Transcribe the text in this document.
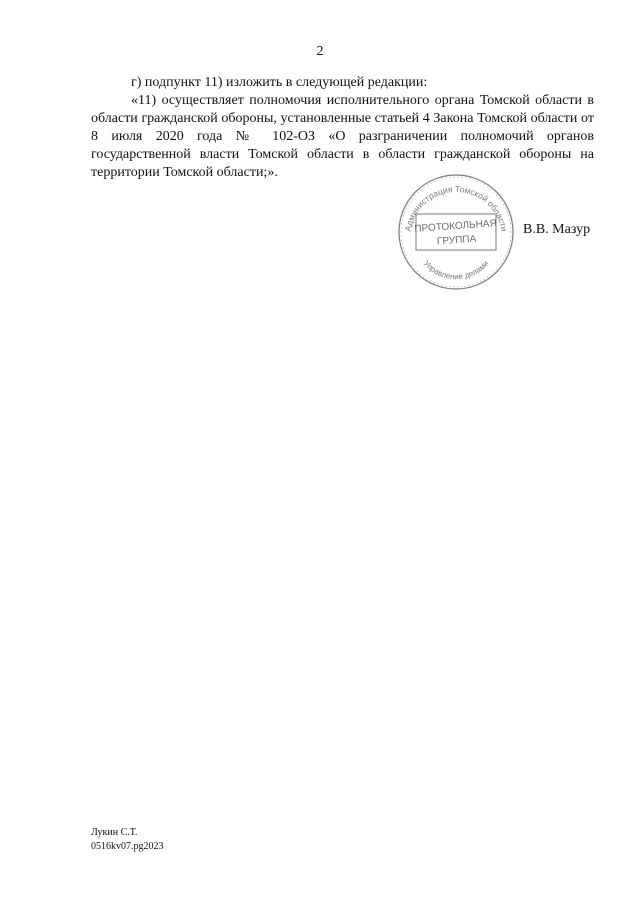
2

г) подпункт 11) изложить в следующей редакции:

«11) осуществляет полномочия исполнительного органа Томской области в области гражданской обороны, установленные статьей 4 Закона Томской области от 8 июля 2020 года № 102-ОЗ «О разграничении полномочий органов государственной власти Томской области в области гражданской обороны на территории Томской области;».

Администрация Томской области
Управление делами
ПРОТОКОЛЬНАЯ
ГРУППА
В.В. Мазур
Лукин С.Т.
0516kv07.pg2023
